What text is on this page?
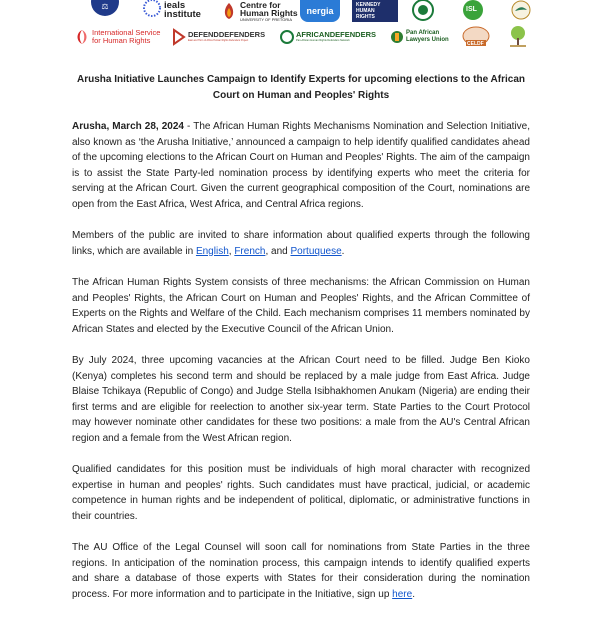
⚖	ieals institute
Centre for
Human Rights
UNIVERSITY OF PRETORIA
nergia
KENNEDY
HUMAN
RIGHTS
ISL
International Service
for Human Rights
DEFENDDEFENDERS
East and Horn of Africa Human Rights Defenders Project
AFRICANDEFENDERS
Pan-African Human Rights Defenders Network
Pan African
Lawyers Union
CELDF
Arusha Initiative Launches Campaign to Identify Experts for upcoming elections to the African Court on Human and Peoples' Rights

Arusha, March 28, 2024 - The African Human Rights Mechanisms Nomination and Selection Initiative, also known as ‘the Arusha Initiative,’ announced a campaign to help identify qualified candidates ahead of the upcoming elections to the African Court on Human and Peoples' Rights. The aim of the campaign is to assist the State Party-led nomination process by identifying experts who meet the criteria for serving at the African Court. Given the current geographical composition of the Court, nominations are open from the East Africa, West Africa, and Central Africa regions.

Members of the public are invited to share information about qualified experts through the following links, which are available in English, French, and Portuquese.

The African Human Rights System consists of three mechanisms: the African Commission on Human and Peoples' Rights, the African Court on Human and Peoples' Rights, and the African Committee of Experts on the Rights and Welfare of the Child. Each mechanism comprises 11 members nominated by African States and elected by the Executive Council of the African Union.

By July 2024, three upcoming vacancies at the African Court need to be filled. Judge Ben Kioko (Kenya) completes his second term and should be replaced by a male judge from East Africa. Judge Blaise Tchikaya (Republic of Congo) and Judge Stella Isibhakhomen Anukam (Nigeria) are ending their first terms and are eligible for reelection to another six-year term. State Parties to the Court Protocol may however nominate other candidates for these two positions: a male from the AU's Central African region and a female from the West African region.

Qualified candidates for this position must be individuals of high moral character with recognized expertise in human and peoples' rights. Such candidates must have practical, judicial, or academic competence in human rights and be independent of political, diplomatic, or administrative functions in their countries.

The AU Office of the Legal Counsel will soon call for nominations from State Parties in the three regions. In anticipation of the nomination process, this campaign intends to identify qualified experts and share a database of those experts with States for their consideration during the nomination process. For more information and to participate in the Initiative, sign up here.
